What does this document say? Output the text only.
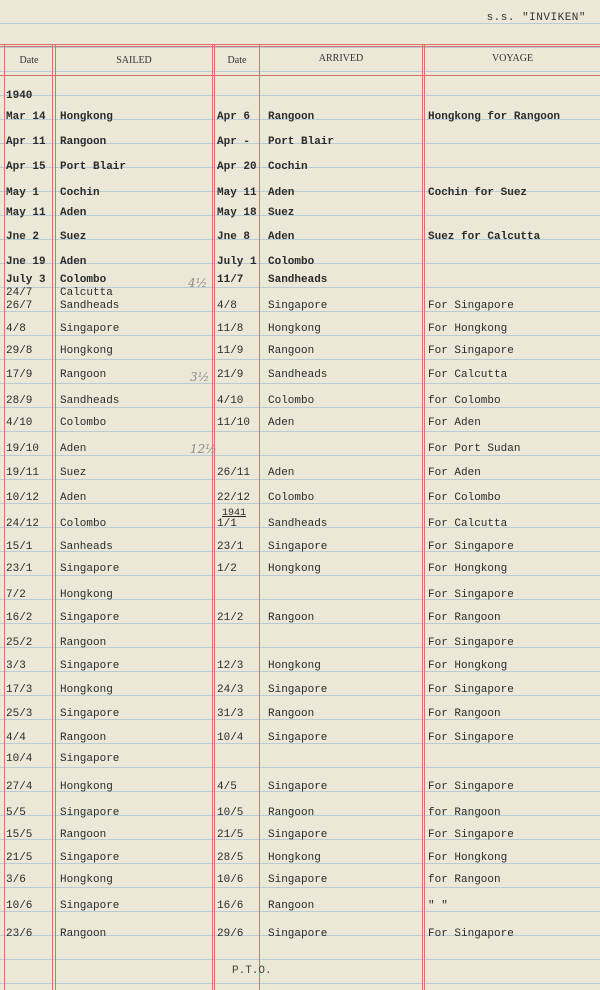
s.s. "INVIKEN"
Date	SAILED	Date	ARRIVED	VOYAGE
1940
1941
4½
3½
12½
Mar 14 Hongkong	Apr 6 Rangoon	Hongkong for Rangoon
Apr 11 Rangoon	Apr - Port Blair
Apr 15 Port Blair	Apr 20 Cochin
May 1 Cochin	May 11 Aden	Cochin for Suez
May 11 Aden	May 18 Suez
Jne 2 Suez	Jne 8 Aden	Suez for Calcutta
Jne 19 Aden	July 1 Colombo
July 3 Colombo	11/7 Sandheads
24/7	Calcutta
26/7	Sandheads	4/8	Singapore	For Singapore
4/8	Singapore	11/8 Hongkong	For Hongkong
29/8	Hongkong	11/9 Rangoon	For Singapore
17/9	Rangoon	21/9 Sandheads	For Calcutta
28/9	Sandheads	4/10 Colombo	for Colombo
4/10	Colombo	11/10 Aden	For Aden
19/10 Aden	For Port Sudan
19/11 Suez	26/11 Aden	For Aden
10/12 Aden	22/12 Colombo	For Colombo
24/12 Colombo	1/1	Sandheads	For Calcutta
15/1	Sanheads	23/1 Singapore	For Singapore
23/1	Singapore	1/2	Hongkong	For Hongkong
7/2	Hongkong	For Singapore
16/2	Singapore	21/2 Rangoon	For Rangoon
25/2	Rangoon	For Singapore
3/3	Singapore	12/3 Hongkong	For Hongkong
17/3	Hongkong	24/3 Singapore	For Singapore
25/3	Singapore	31/3 Rangoon	For Rangoon
4/4	Rangoon	10/4 Singapore	For Singapore
10/4	Singapore
27/4	Hongkong	4/5	Singapore	For Singapore
5/5	Singapore	10/5 Rangoon	for Rangoon
15/5	Rangoon	21/5 Singapore	For Singapore
21/5	Singapore	28/5 Hongkong	For Hongkong
3/6	Hongkong	10/6 Singapore	for Rangoon
10/6	Singapore	16/6 Rangoon	" "
23/6	Rangoon	29/6 Singapore	For Singapore
P.T.O.
